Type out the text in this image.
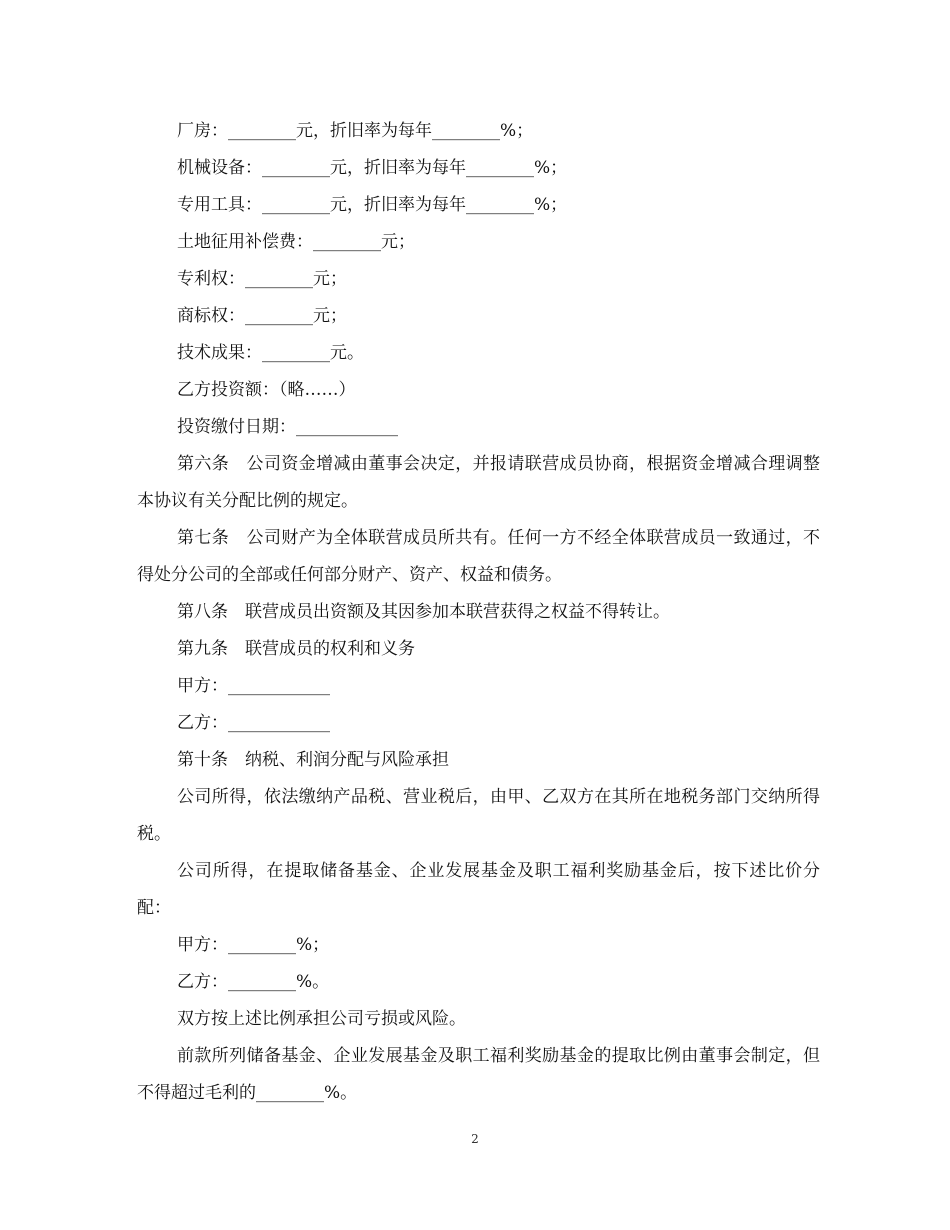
厂房：________元，折旧率为每年________%；

机械设备：________元，折旧率为每年________%；

专用工具：________元，折旧率为每年________%；

土地征用补偿费：________元；

专利权：________元；

商标权：________元；

技术成果：________元。

乙方投资额：（略……）

投资缴付日期：____________

第六条　公司资金增减由董事会决定，并报请联营成员协商，根据资金增减合理调整本协议有关分配比例的规定。

第七条　公司财产为全体联营成员所共有。任何一方不经全体联营成员一致通过，不得处分公司的全部或任何部分财产、资产、权益和债务。

第八条　联营成员出资额及其因参加本联营获得之权益不得转让。

第九条　联营成员的权利和义务

甲方：____________

乙方：____________

第十条　纳税、利润分配与风险承担

公司所得，依法缴纳产品税、营业税后，由甲、乙双方在其所在地税务部门交纳所得税。

公司所得，在提取储备基金、企业发展基金及职工福利奖励基金后，按下述比价分配：

甲方：________%；

乙方：________%。

双方按上述比例承担公司亏损或风险。

前款所列储备基金、企业发展基金及职工福利奖励基金的提取比例由董事会制定，但不得超过毛利的________%。

2
